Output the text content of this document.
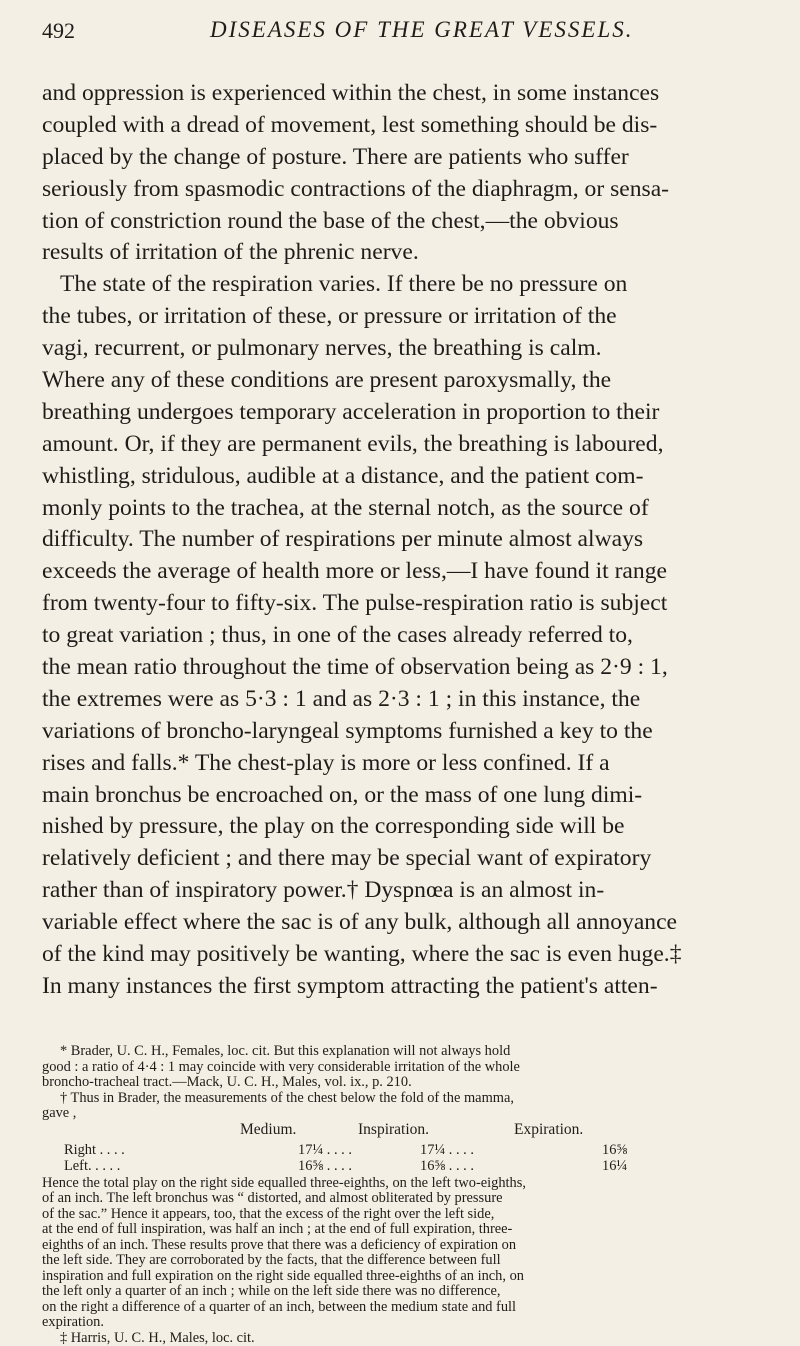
492	DISEASES OF THE GREAT VESSELS.
and oppression is experienced within the chest, in some instances
coupled with a dread of movement, lest something should be dis-
placed by the change of posture. There are patients who suffer
seriously from spasmodic contractions of the diaphragm, or sensa-
tion of constriction round the base of the chest,—the obvious
results of irritation of the phrenic nerve.
The state of the respiration varies. If there be no pressure on
the tubes, or irritation of these, or pressure or irritation of the
vagi, recurrent, or pulmonary nerves, the breathing is calm.
Where any of these conditions are present paroxysmally, the
breathing undergoes temporary acceleration in proportion to their
amount. Or, if they are permanent evils, the breathing is laboured,
whistling, stridulous, audible at a distance, and the patient com-
monly points to the trachea, at the sternal notch, as the source of
difficulty. The number of respirations per minute almost always
exceeds the average of health more or less,—I have found it range
from twenty-four to fifty-six. The pulse-respiration ratio is subject
to great variation ; thus, in one of the cases already referred to,
the mean ratio throughout the time of observation being as 2·9 : 1,
the extremes were as 5·3 : 1 and as 2·3 : 1 ; in this instance, the
variations of broncho-laryngeal symptoms furnished a key to the
rises and falls.* The chest-play is more or less confined. If a
main bronchus be encroached on, or the mass of one lung dimi-
nished by pressure, the play on the corresponding side will be
relatively deficient ; and there may be special want of expiratory
rather than of inspiratory power.† Dyspnœa is an almost in-
variable effect where the sac is of any bulk, although all annoyance
of the kind may positively be wanting, where the sac is even huge.‡
In many instances the first symptom attracting the patient's atten-
* Brader, U. C. H., Females, loc. cit. But this explanation will not always hold
good : a ratio of 4·4 : 1 may coincide with very considerable irritation of the whole
broncho-tracheal tract.—Mack, U. C. H., Males, vol. ix., p. 210.
† Thus in Brader, the measurements of the chest below the fold of the mamma,
gave ,
Medium.	Inspiration.	Expiration.
Right . . . .	17¼ . . . .	17¼ . . . .	16⅝
Left. . . . .	16⅝ . . . .	16⅝ . . . .	16¼
Hence the total play on the right side equalled three-eighths, on the left two-eighths,
of an inch. The left bronchus was “ distorted, and almost obliterated by pressure
of the sac.” Hence it appears, too, that the excess of the right over the left side,
at the end of full inspiration, was half an inch ; at the end of full expiration, three-
eighths of an inch. These results prove that there was a deficiency of expiration on
the left side. They are corroborated by the facts, that the difference between full
inspiration and full expiration on the right side equalled three-eighths of an inch, on
the left only a quarter of an inch ; while on the left side there was no difference,
on the right a difference of a quarter of an inch, between the medium state and full
expiration.
‡ Harris, U. C. H., Males, loc. cit.
